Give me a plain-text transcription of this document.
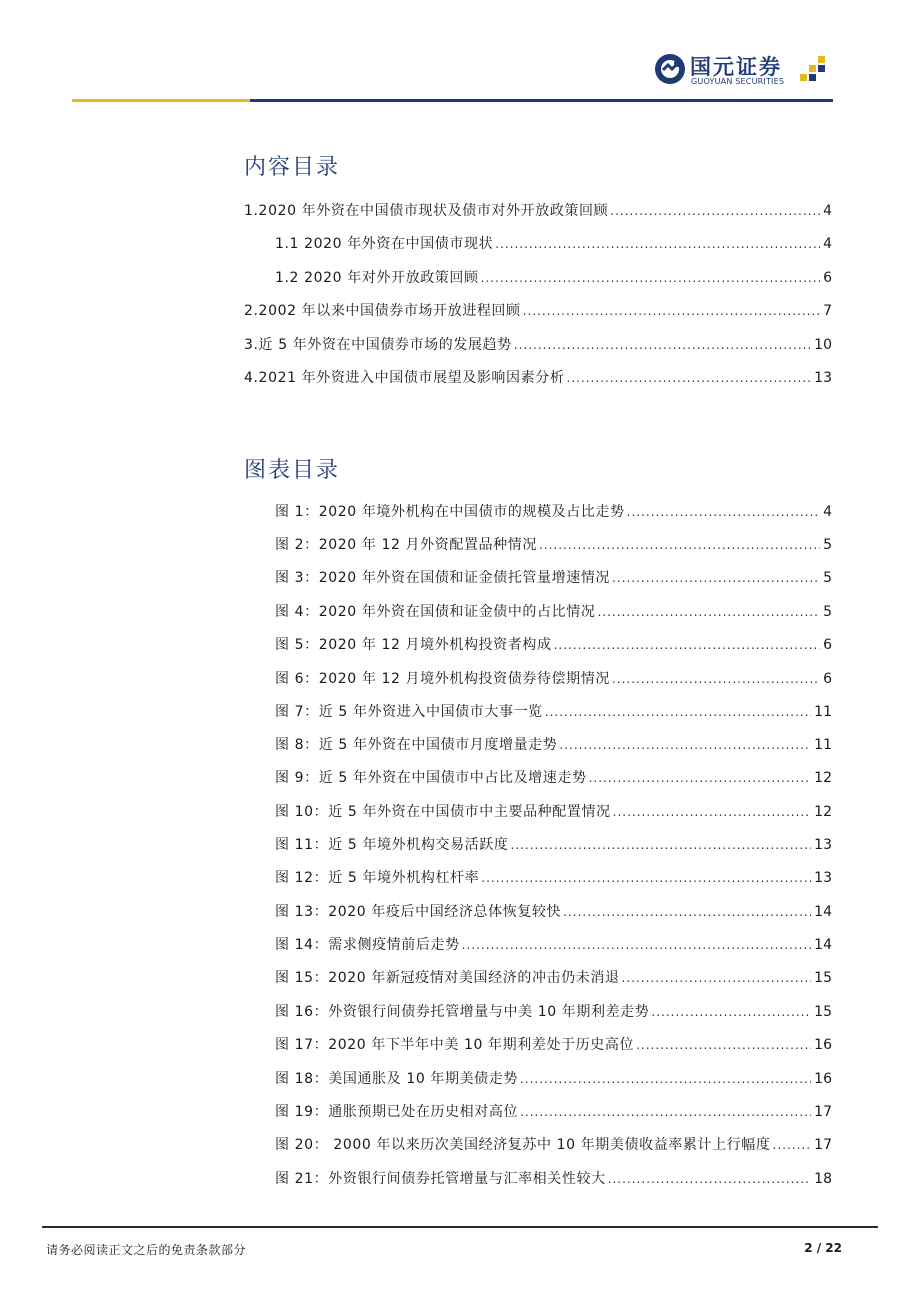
国元证券
GUOYUAN SECURITIES
内容目录
1.2020 年外资在中国债市现状及债市对外开放政策回顾 .....	4
1.1 2020 年外资在中国债市现状 .....	4
1.2 2020 年对外开放政策回顾 .....	6
2.2002 年以来中国债券市场开放进程回顾 .....	7
3.近 5 年外资在中国债券市场的发展趋势 .....	10
4.2021 年外资进入中国债市展望及影响因素分析 .....	13
图表目录
图 1：2020 年境外机构在中国债市的规模及占比走势 .....	4
图 2：2020 年 12 月外资配置品种情况 .....	5
图 3：2020 年外资在国债和证金债托管量增速情况 .....	5
图 4：2020 年外资在国债和证金债中的占比情况 .....	5
图 5：2020 年 12 月境外机构投资者构成 .....	6
图 6：2020 年 12 月境外机构投资债券待偿期情况 .....	6
图 7：近 5 年外资进入中国债市大事一览 .....	11
图 8：近 5 年外资在中国债市月度增量走势 .....	11
图 9：近 5 年外资在中国债市中占比及增速走势 .....	12
图 10：近 5 年外资在中国债市中主要品种配置情况 .....	12
图 11：近 5 年境外机构交易活跃度 .....	13
图 12：近 5 年境外机构杠杆率 .....	13
图 13：2020 年疫后中国经济总体恢复较快 .....	14
图 14：需求侧疫情前后走势 .....	14
图 15：2020 年新冠疫情对美国经济的冲击仍未消退 .....	15
图 16：外资银行间债券托管增量与中美 10 年期利差走势 .....	15
图 17：2020 年下半年中美 10 年期利差处于历史高位 .....	16
图 18：美国通胀及 10 年期美债走势 .....	16
图 19：通胀预期已处在历史相对高位 .....	17
图 20： 2000 年以来历次美国经济复苏中 10 年期美债收益率累计上行幅度 .....	17
图 21：外资银行间债券托管增量与汇率相关性较大 .....	18
请务必阅读正文之后的免责条款部分	2 / 22
